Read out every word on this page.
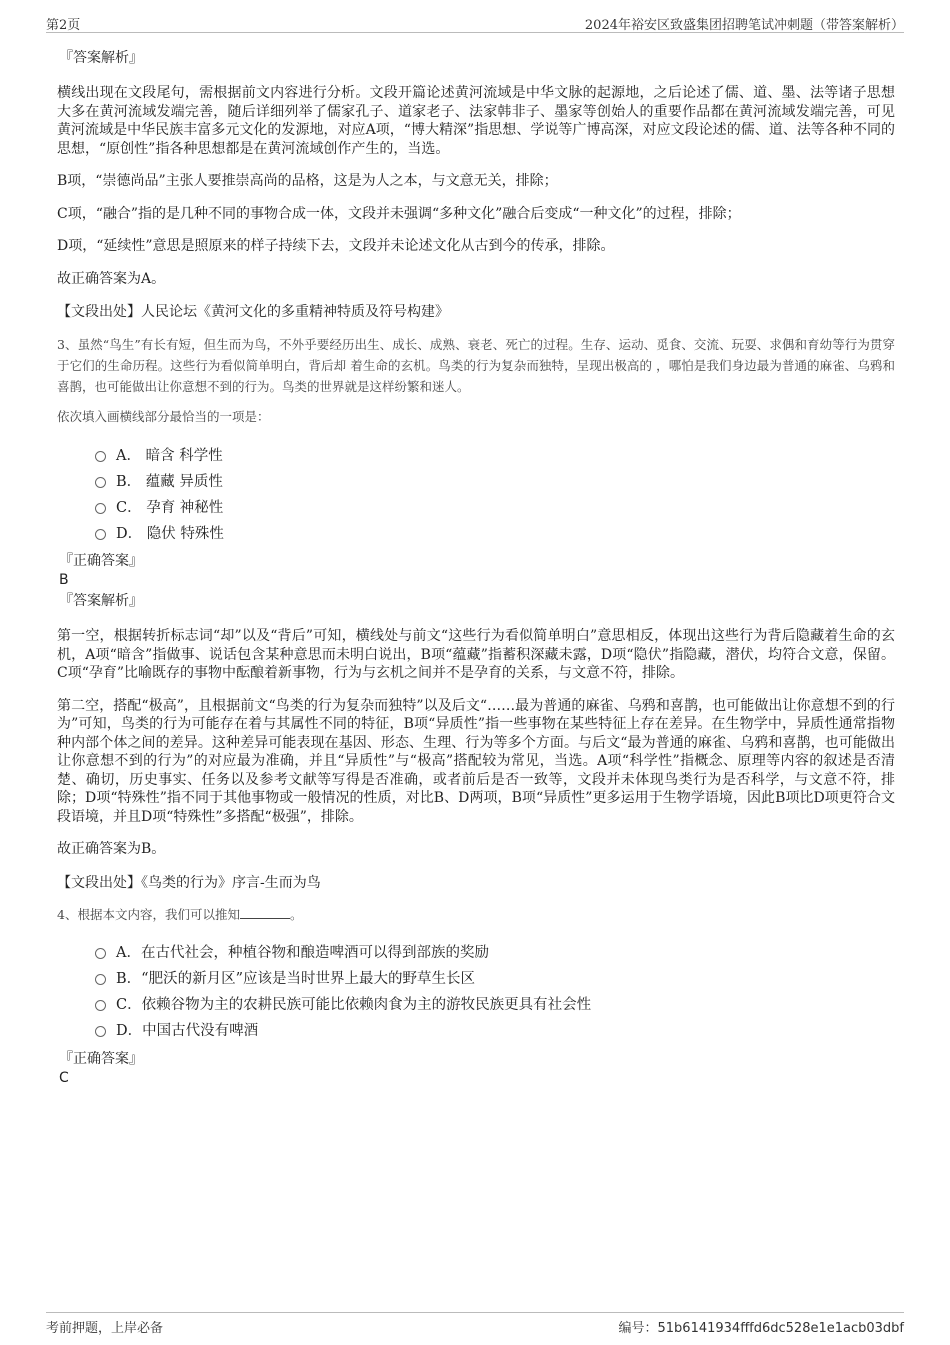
第2页	2024年裕安区致盛集团招聘笔试冲刺题（带答案解析）
『答案解析』

横线出现在文段尾句，需根据前文内容进行分析。文段开篇论述黄河流域是中华文脉的起源地，之后论述了儒、道、墨、法等诸子思想大多在黄河流域发端完善，随后详细列举了儒家孔子、道家老子、法家韩非子、墨家等创始人的重要作品都在黄河流域发端完善，可见黄河流域是中华民族丰富多元文化的发源地，对应A项，“博大精深”指思想、学说等广博高深，对应文段论述的儒、道、法等各种不同的思想，“原创性”指各种思想都是在黄河流域创作产生的，当选。

B项，“崇德尚品”主张人要推崇高尚的品格，这是为人之本，与文意无关，排除；

C项，“融合”指的是几种不同的事物合成一体，文段并未强调“多种文化”融合后变成“一种文化”的过程，排除；

D项，“延续性”意思是照原来的样子持续下去，文段并未论述文化从古到今的传承，排除。

故正确答案为A。

【文段出处】人民论坛《黄河文化的多重精神特质及符号构建》

3、虽然“鸟生”有长有短，但生而为鸟，不外乎要经历出生、成长、成熟、衰老、死亡的过程。生存、运动、觅食、交流、玩耍、求偶和育幼等行为贯穿于它们的生命历程。这些行为看似简单明白，背后却 着生命的玄机。鸟类的行为复杂而独特，呈现出极高的 ，哪怕是我们身边最为普通的麻雀、乌鸦和喜鹊，也可能做出让你意想不到的行为。鸟类的世界就是这样纷繁和迷人。

依次填入画横线部分最恰当的一项是：
A． 暗含 科学性
B． 蕴藏 异质性
C． 孕育 神秘性
D． 隐伏 特殊性
『正确答案』
B
『答案解析』

第一空，根据转折标志词“却”以及“背后”可知，横线处与前文“这些行为看似简单明白”意思相反，体现出这些行为背后隐藏着生命的玄机，A项“暗含”指做事、说话包含某种意思而未明白说出，B项“蕴藏”指蓄积深藏未露，D项“隐伏”指隐藏，潜伏，均符合文意，保留。C项“孕育”比喻既存的事物中酝酿着新事物，行为与玄机之间并不是孕育的关系，与文意不符，排除。

第二空，搭配“极高”，且根据前文“鸟类的行为复杂而独特”以及后文“……最为普通的麻雀、乌鸦和喜鹊，也可能做出让你意想不到的行为”可知，鸟类的行为可能存在着与其属性不同的特征，B项“异质性”指一些事物在某些特征上存在差异。在生物学中，异质性通常指物种内部个体之间的差异。这种差异可能表现在基因、形态、生理、行为等多个方面。与后文“最为普通的麻雀、乌鸦和喜鹊，也可能做出让你意想不到的行为”的对应最为准确，并且“异质性”与“极高”搭配较为常见，当选。A项“科学性”指概念、原理等内容的叙述是否清楚、确切，历史事实、任务以及参考文献等写得是否准确，或者前后是否一致等，文段并未体现鸟类行为是否科学，与文意不符，排除；D项“特殊性”指不同于其他事物或一般情况的性质，对比B、D两项，B项“异质性”更多运用于生物学语境，因此B项比D项更符合文段语境，并且D项“特殊性”多搭配“极强”，排除。

故正确答案为B。

【文段出处】《鸟类的行为》序言-生而为鸟
4、根据本文内容，我们可以推知	。
A．在古代社会，种植谷物和酿造啤酒可以得到部族的奖励
B．“肥沃的新月区”应该是当时世界上最大的野草生长区
C．依赖谷物为主的农耕民族可能比依赖肉食为主的游牧民族更具有社会性
D．中国古代没有啤酒
『正确答案』
C
考前押题，上岸必备	编号：51b6141934fffd6dc528e1e1acb03dbf
